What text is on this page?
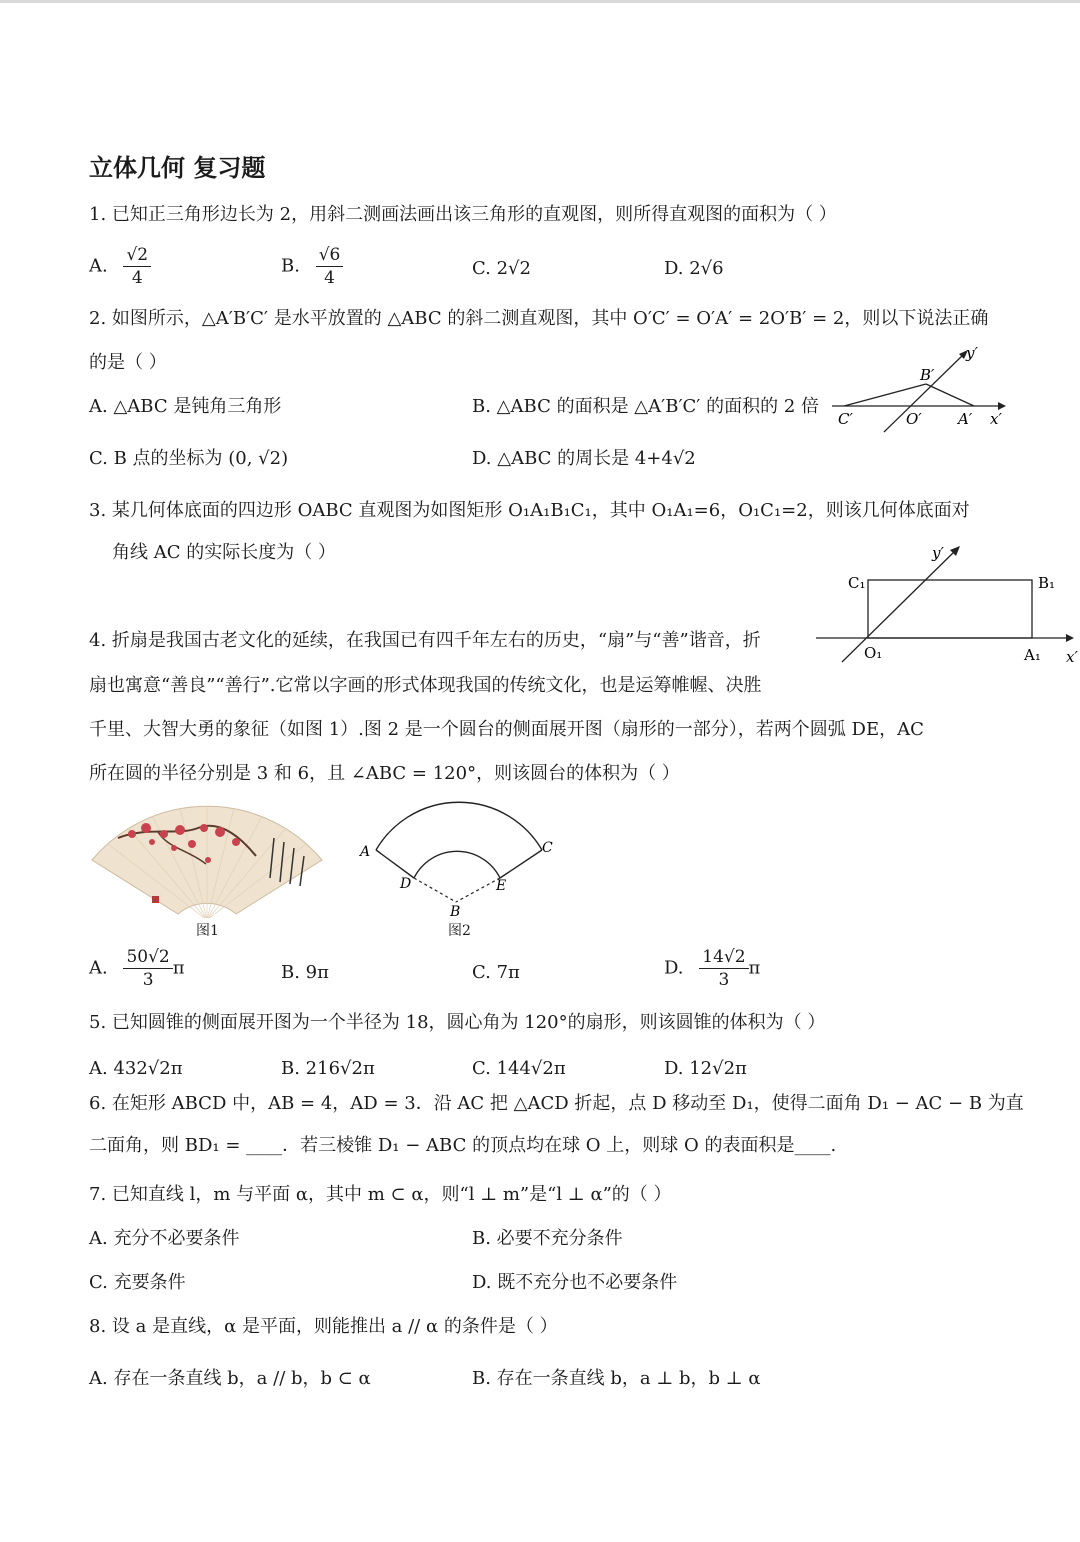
立体几何 复习题
1. 已知正三角形边长为 2，用斜二测画法画出该三角形的直观图，则所得直观图的面积为（ ）
A. $\frac{√2}{4}$	B. $\frac{√6}{4}$	C. 2√2	D. 2√6
2. 如图所示，△A′B′C′ 是水平放置的 △ABC 的斜二测直观图，其中 O′C′ = O′A′ = 2O′B′ = 2，则以下说法正确
的是（ ）
A. △ABC 是钝角三角形	B. △ABC 的面积是 △A′B′C′ 的面积的 2 倍
C. B 点的坐标为 (0, √2)	D. △ABC 的周长是 4+4√2
y′
B′
C′	O′ A′ x′
3. 某几何体底面的四边形 OABC 直观图为如图矩形 O₁A₁B₁C₁，其中 O₁A₁=6，O₁C₁=2，则该几何体底面对
角线 AC 的实际长度为（ ）	y′
C₁	B₁
O₁	A₁ x′
4. 折扇是我国古老文化的延续，在我国已有四千年左右的历史，“扇”与“善”谐音，折
扇也寓意“善良”“善行”.它常以字画的形式体现我国的传统文化，也是运筹帷幄、决胜
千里、大智大勇的象征（如图 1）.图 2 是一个圆台的侧面展开图（扇形的一部分），若两个圆弧 DE，AC
所在圆的半径分别是 3 和 6，且 ∠ABC = 120°，则该圆台的体积为（ ）
图1
A	C
D	E
B
图2
A. $\frac{50√2}{3}$ π	B. 9π	C. 7π	D. $\frac{14√2}{3}$ π
5. 已知圆锥的侧面展开图为一个半径为 18，圆心角为 120°的扇形，则该圆锥的体积为（ ）
A. 432√2π	B. 216√2π	C. 144√2π	D. 12√2π
6. 在矩形 ABCD 中，AB = 4，AD = 3．沿 AC 把 △ACD 折起，点 D 移动至 D₁，使得二面角 D₁ − AC − B 为直
二面角，则 BD₁ = ____．若三棱锥 D₁ − ABC 的顶点均在球 O 上，则球 O 的表面积是____.
7. 已知直线 l，m 与平面 α，其中 m ⊂ α，则“l ⊥ m”是“l ⊥ α”的（ ）
A. 充分不必要条件	B. 必要不充分条件
C. 充要条件	D. 既不充分也不必要条件
8. 设 a 是直线，α 是平面，则能推出 a // α 的条件是（ ）
A. 存在一条直线 b，a // b，b ⊂ α	B. 存在一条直线 b，a ⊥ b，b ⊥ α
